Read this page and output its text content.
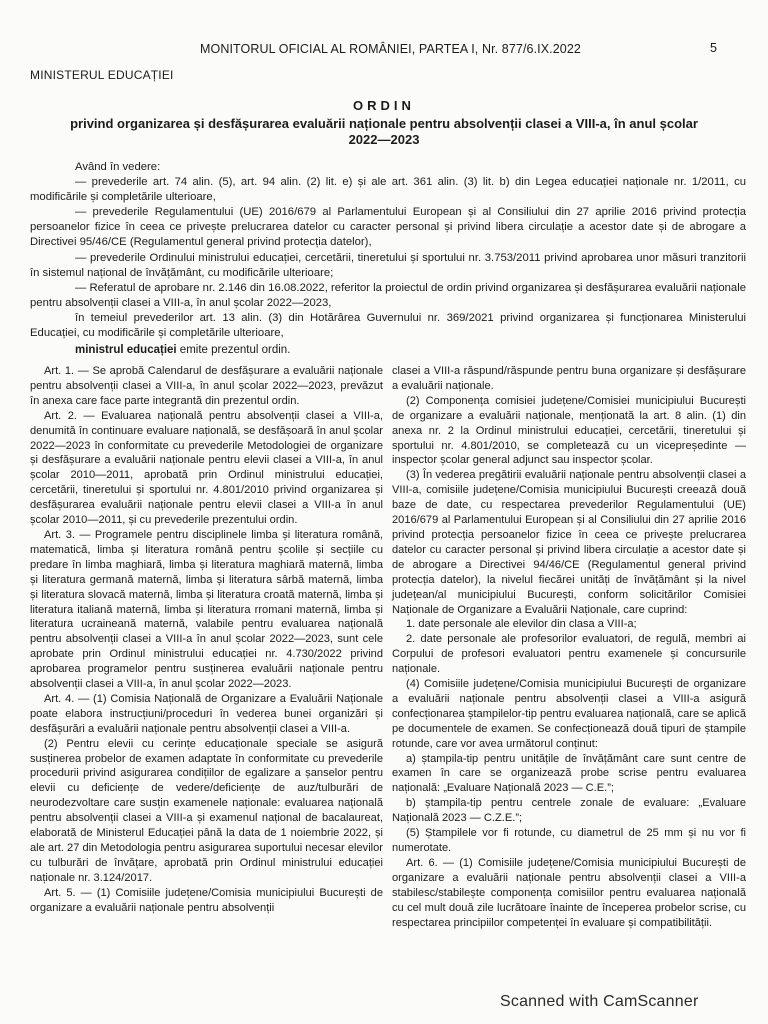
MONITORUL OFICIAL AL ROMÂNIEI, PARTEA I, Nr. 877/6.IX.2022	5
MINISTERUL EDUCAȚIEI
ORDIN
privind organizarea și desfășurarea evaluării naționale pentru absolvenții clasei a VIII-a, în anul școlar 2022—2023

Având în vedere:

— prevederile art. 74 alin. (5), art. 94 alin. (2) lit. e) și ale art. 361 alin. (3) lit. b) din Legea educației naționale nr. 1/2011, cu modificările și completările ulterioare,

— prevederile Regulamentului (UE) 2016/679 al Parlamentului European și al Consiliului din 27 aprilie 2016 privind protecția persoanelor fizice în ceea ce privește prelucrarea datelor cu caracter personal și privind libera circulație a acestor date și de abrogare a Directivei 95/46/CE (Regulamentul general privind protecția datelor),

— prevederile Ordinului ministrului educației, cercetării, tineretului și sportului nr. 3.753/2011 privind aprobarea unor măsuri tranzitorii în sistemul național de învățământ, cu modificările ulterioare;

— Referatul de aprobare nr. 2.146 din 16.08.2022, referitor la proiectul de ordin privind organizarea și desfășurarea evaluării naționale pentru absolvenții clasei a VIII-a, în anul școlar 2022—2023,

în temeiul prevederilor art. 13 alin. (3) din Hotărârea Guvernului nr. 369/2021 privind organizarea și funcționarea Ministerului Educației, cu modificările și completările ulterioare,

ministrul educației emite prezentul ordin.

Art. 1. — Se aprobă Calendarul de desfășurare a evaluării naționale pentru absolvenții clasei a VIII-a, în anul școlar 2022—2023, prevăzut în anexa care face parte integrantă din prezentul ordin.

Art. 2. — Evaluarea națională pentru absolvenții clasei a VIII-a, denumită în continuare evaluare națională, se desfășoară în anul școlar 2022—2023 în conformitate cu prevederile Metodologiei de organizare și desfășurare a evaluării naționale pentru elevii clasei a VIII-a, în anul școlar 2010—2011, aprobată prin Ordinul ministrului educației, cercetării, tineretului și sportului nr. 4.801/2010 privind organizarea și desfășurarea evaluării naționale pentru elevii clasei a VIII-a în anul școlar 2010—2011, și cu prevederile prezentului ordin.

Art. 3. — Programele pentru disciplinele limba și literatura română, matematică, limba și literatura română pentru școlile și secțiile cu predare în limba maghiară, limba și literatura maghiară maternă, limba și literatura germană maternă, limba și literatura sârbă maternă, limba și literatura slovacă maternă, limba și literatura croată maternă, limba și literatura italiană maternă, limba și literatura rromani maternă, limba și literatura ucraineană maternă, valabile pentru evaluarea națională pentru absolvenții clasei a VIII-a în anul școlar 2022—2023, sunt cele aprobate prin Ordinul ministrului educației nr. 4.730/2022 privind aprobarea programelor pentru susținerea evaluării naționale pentru absolvenții clasei a VIII-a, în anul școlar 2022—2023.

Art. 4. — (1) Comisia Națională de Organizare a Evaluării Naționale poate elabora instrucțiuni/proceduri în vederea bunei organizări și desfășurări a evaluării naționale pentru absolvenții clasei a VIII-a.

(2) Pentru elevii cu cerințe educaționale speciale se asigură susținerea probelor de examen adaptate în conformitate cu prevederile procedurii privind asigurarea condițiilor de egalizare a șanselor pentru elevii cu deficiențe de vedere/deficiențe de auz/tulburări de neurodezvoltare care susțin examenele naționale: evaluarea națională pentru absolvenții clasei a VIII-a și examenul național de bacalaureat, elaborată de Ministerul Educației până la data de 1 noiembrie 2022, și ale art. 27 din Metodologia pentru asigurarea suportului necesar elevilor cu tulburări de învățare, aprobată prin Ordinul ministrului educației naționale nr. 3.124/2017.

Art. 5. — (1) Comisiile județene/Comisia municipiului București de organizare a evaluării naționale pentru absolvenții

clasei a VIII-a răspund/răspunde pentru buna organizare și desfășurare a evaluării naționale.

(2) Componența comisiei județene/Comisiei municipiului București de organizare a evaluării naționale, menționată la art. 8 alin. (1) din anexa nr. 2 la Ordinul ministrului educației, cercetării, tineretului și sportului nr. 4.801/2010, se completează cu un vicepreședinte — inspector școlar general adjunct sau inspector școlar.

(3) În vederea pregătirii evaluării naționale pentru absolvenții clasei a VIII-a, comisiile județene/Comisia municipiului București creează două baze de date, cu respectarea prevederilor Regulamentului (UE) 2016/679 al Parlamentului European și al Consiliului din 27 aprilie 2016 privind protecția persoanelor fizice în ceea ce privește prelucrarea datelor cu caracter personal și privind libera circulație a acestor date și de abrogare a Directivei 94/46/CE (Regulamentul general privind protecția datelor), la nivelul fiecărei unități de învățământ și la nivel județean/al municipiului București, conform solicitărilor Comisiei Naționale de Organizare a Evaluării Naționale, care cuprind:

1. date personale ale elevilor din clasa a VIII-a;

2. date personale ale profesorilor evaluatori, de regulă, membri ai Corpului de profesori evaluatori pentru examenele și concursurile naționale.

(4) Comisiile județene/Comisia municipiului București de organizare a evaluării naționale pentru absolvenții clasei a VIII-a asigură confecționarea ștampilelor-tip pentru evaluarea națională, care se aplică pe documentele de examen. Se confecționează două tipuri de ștampile rotunde, care vor avea următorul conținut:

a) ștampila-tip pentru unitățile de învățământ care sunt centre de examen în care se organizează probe scrise pentru evaluarea națională: „Evaluare Națională 2023 — C.E.”;

b) ștampila-tip pentru centrele zonale de evaluare: „Evaluare Națională 2023 — C.Z.E.”;

(5) Ștampilele vor fi rotunde, cu diametrul de 25 mm și nu vor fi numerotate.

Art. 6. — (1) Comisiile județene/Comisia municipiului București de organizare a evaluării naționale pentru absolvenții clasei a VIII-a stabilesc/stabilește componența comisiilor pentru evaluarea națională cu cel mult două zile lucrătoare înainte de începerea probelor scrise, cu respectarea principiilor competenței în evaluare și compatibilității.

Scanned with CamScanner
